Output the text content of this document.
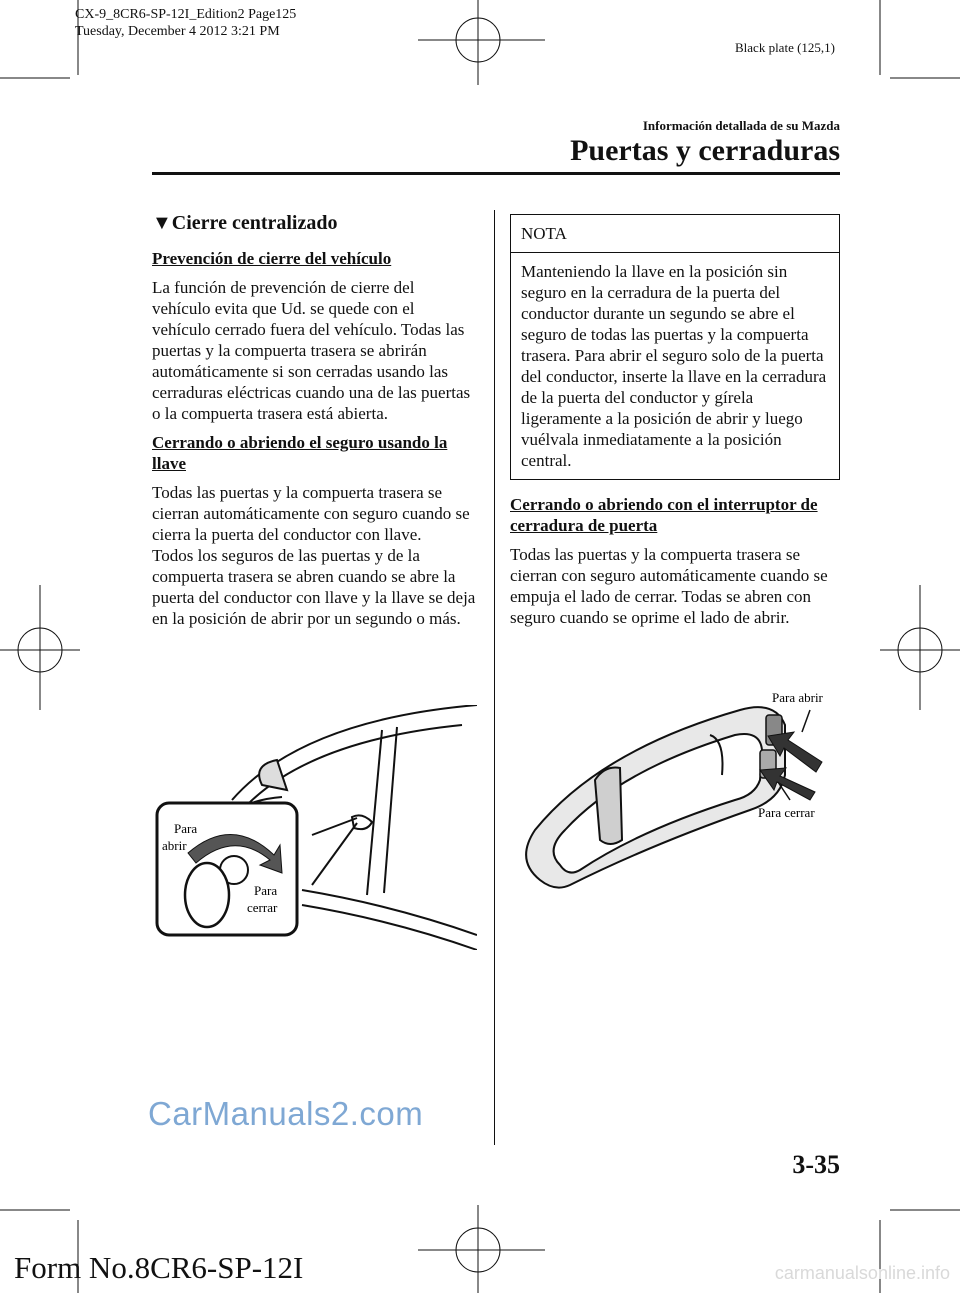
CX-9_8CR6-SP-12I_Edition2 Page125
Tuesday, December 4 2012 3:21 PM
Black plate (125,1)
Información detallada de su Mazda
Puertas y cerraduras
▼Cierre centralizado
Prevención de cierre del vehículo

La función de prevención de cierre del vehículo evita que Ud. se quede con el vehículo cerrado fuera del vehículo. Todas las puertas y la compuerta trasera se abrirán automáticamente si son cerradas usando las cerraduras eléctricas cuando una de las puertas o la compuerta trasera está abierta.

Cerrando o abriendo el seguro usando la llave

Todas las puertas y la compuerta trasera se cierran automáticamente con seguro cuando se cierra la puerta del conductor con llave.

Todos los seguros de las puertas y de la compuerta trasera se abren cuando se abre la puerta del conductor con llave y la llave se deja en la posición de abrir por un segundo o más.

Para
abrir
Para
cerrar
NOTA
Manteniendo la llave en la posición sin seguro en la cerradura de la puerta del conductor durante un segundo se abre el seguro de todas las puertas y la compuerta trasera. Para abrir el seguro solo de la puerta del conductor, inserte la llave en la cerradura de la puerta del conductor y gírela ligeramente a la posición de abrir y luego vuélvala inmediatamente a la posición central.
Cerrando o abriendo con el interruptor de cerradura de puerta

Todas las puertas y la compuerta trasera se cierran con seguro automáticamente cuando se empuja el lado de cerrar. Todas se abren con seguro cuando se oprime el lado de abrir.

Para abrir
Para cerrar
CarManuals2.com
3-35
Form No.8CR6-SP-12I	carmanualsonline.info
